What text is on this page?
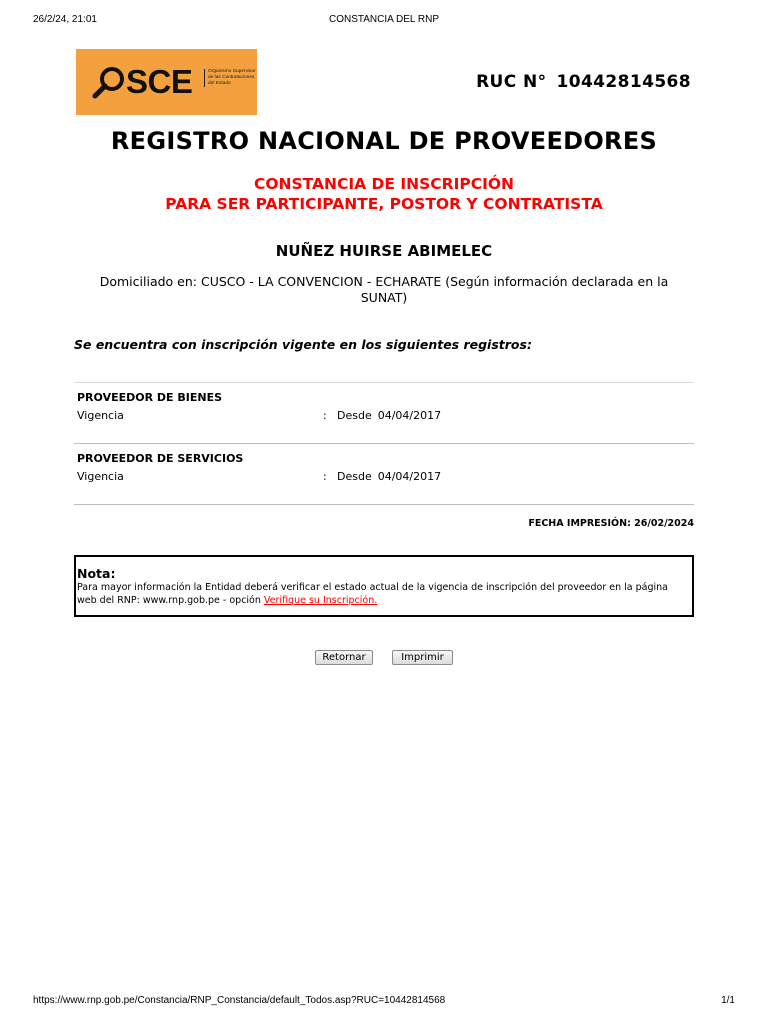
26/2/24, 21:01	CONSTANCIA DEL RNP
SCE	Organismo Supervisor de las Contrataciones del Estado	RUC N° 10442814568
REGISTRO NACIONAL DE PROVEEDORES
CONSTANCIA DE INSCRIPCIÓN
PARA SER PARTICIPANTE, POSTOR Y CONTRATISTA
NUÑEZ HUIRSE ABIMELEC
Domiciliado en: CUSCO - LA CONVENCION - ECHARATE (Según información declarada en la SUNAT)
Se encuentra con inscripción vigente en los siguientes registros:
PROVEEDOR DE BIENES
Vigencia	: Desde 04/04/2017
PROVEEDOR DE SERVICIOS
Vigencia	: Desde 04/04/2017
FECHA IMPRESIÓN: 26/02/2024
Nota:
Para mayor información la Entidad deberá verificar el estado actual de la vigencia de inscripción del proveedor en la página web del RNP: www.rnp.gob.pe - opción Verifique su Inscripción.
Retornar	Imprimir
https://www.rnp.gob.pe/Constancia/RNP_Constancia/default_Todos.asp?RUC=10442814568	1/1
